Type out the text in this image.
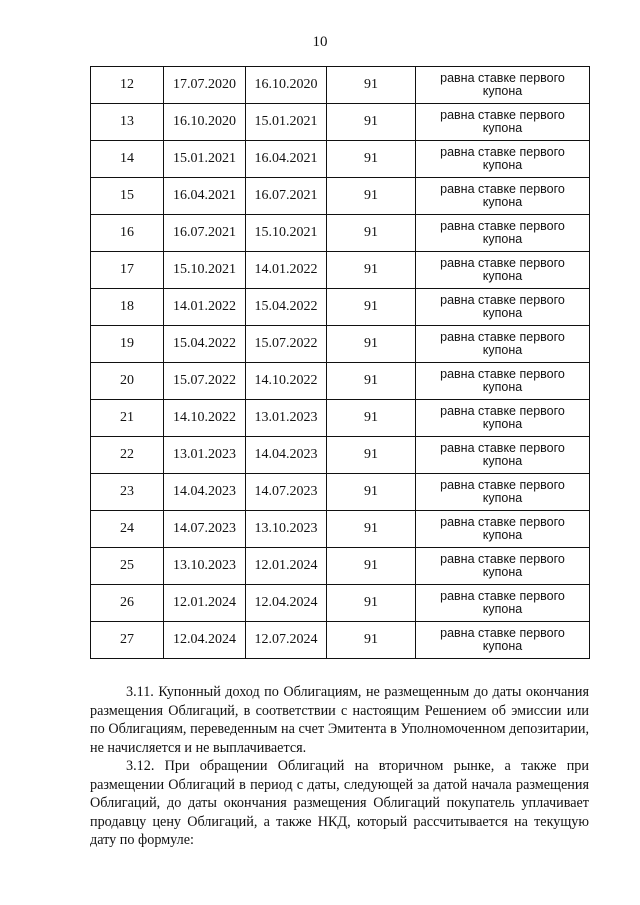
10
12	17.07.2020	16.10.2020	91	равна ставке первого
купона

13	16.10.2020	15.01.2021	91	равна ставке первого
купона

14	15.01.2021	16.04.2021	91	равна ставке первого
купона

15	16.04.2021	16.07.2021	91	равна ставке первого
купона

16	16.07.2021	15.10.2021	91	равна ставке первого
купона

17	15.10.2021	14.01.2022	91	равна ставке первого
купона

18	14.01.2022	15.04.2022	91	равна ставке первого
купона

19	15.04.2022	15.07.2022	91	равна ставке первого
купона

20	15.07.2022	14.10.2022	91	равна ставке первого
купона

21	14.10.2022	13.01.2023	91	равна ставке первого
купона

22	13.01.2023	14.04.2023	91	равна ставке первого
купона

23	14.04.2023	14.07.2023	91	равна ставке первого
купона

24	14.07.2023	13.10.2023	91	равна ставке первого
купона

25	13.10.2023	12.01.2024	91	равна ставке первого
купона

26	12.01.2024	12.04.2024	91	равна ставке первого
купона

27	12.04.2024	12.07.2024	91	равна ставке первого
купона

3.11. Купонный доход по Облигациям, не размещенным до даты окончания размещения Облигаций, в соответствии с настоящим Решением об эмиссии или по Облигациям, переведенным на счет Эмитента в Уполномоченном депозитарии, не начисляется и не выплачивается.

3.12. При обращении Облигаций на вторичном рынке, а также при размещении Облигаций в период с даты, следующей за датой начала размещения Облигаций, до даты окончания размещения Облигаций покупатель уплачивает продавцу цену Облигаций, а также НКД, который рассчитывается на текущую дату по формуле:
